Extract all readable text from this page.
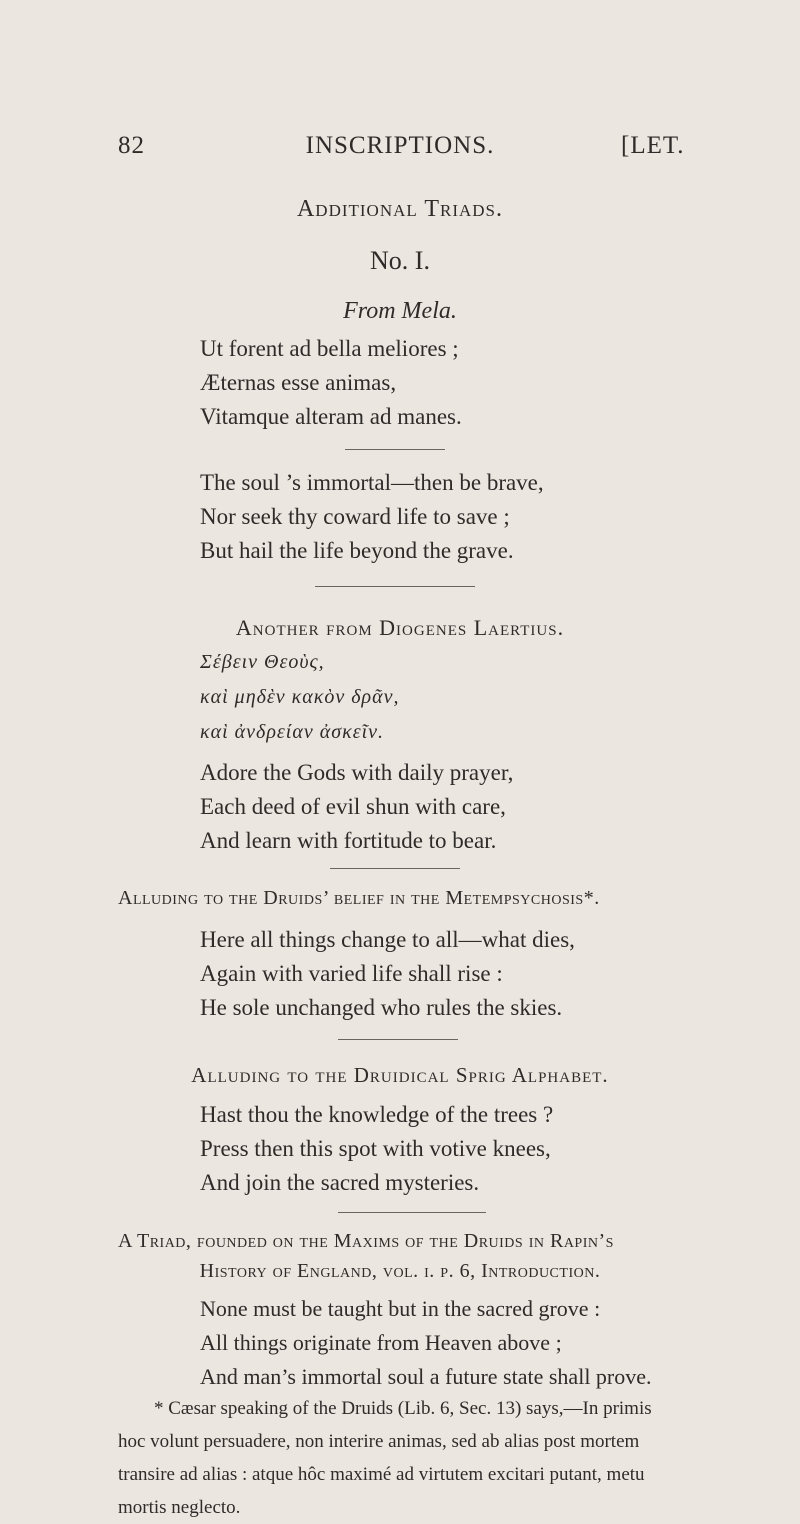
82	INSCRIPTIONS.	[LET.
Additional Triads.
No. I.
From Mela.
Ut forent ad bella meliores ;
Æternas esse animas,
Vitamque alteram ad manes.
The soul ’s immortal—then be brave,
Nor seek thy coward life to save ;
But hail the life beyond the grave.
Another from Diogenes Laertius.
Σέβειν Θεοὺς,
καὶ μηδὲν κακὸν δρᾶν,
καὶ ἀνδρείαν ἀσκεῖν.
Adore the Gods with daily prayer,
Each deed of evil shun with care,
And learn with fortitude to bear.
Alluding to the Druids’ belief in the Metempsychosis*.
Here all things change to all—what dies,
Again with varied life shall rise :
He sole unchanged who rules the skies.
Alluding to the Druidical Sprig Alphabet.
Hast thou the knowledge of the trees ?
Press then this spot with votive knees,
And join the sacred mysteries.
A Triad, founded on the Maxims of the Druids in Rapin’s
History of England, vol. i. p. 6, Introduction.
None must be taught but in the sacred grove :
All things originate from Heaven above ;
And man’s immortal soul a future state shall prove.
* Cæsar speaking of the Druids (Lib. 6, Sec. 13) says,—In primis
hoc volunt persuadere, non interire animas, sed ab alias post mortem
transire ad alias : atque hôc maximé ad virtutem excitari putant, metu
mortis neglecto.
